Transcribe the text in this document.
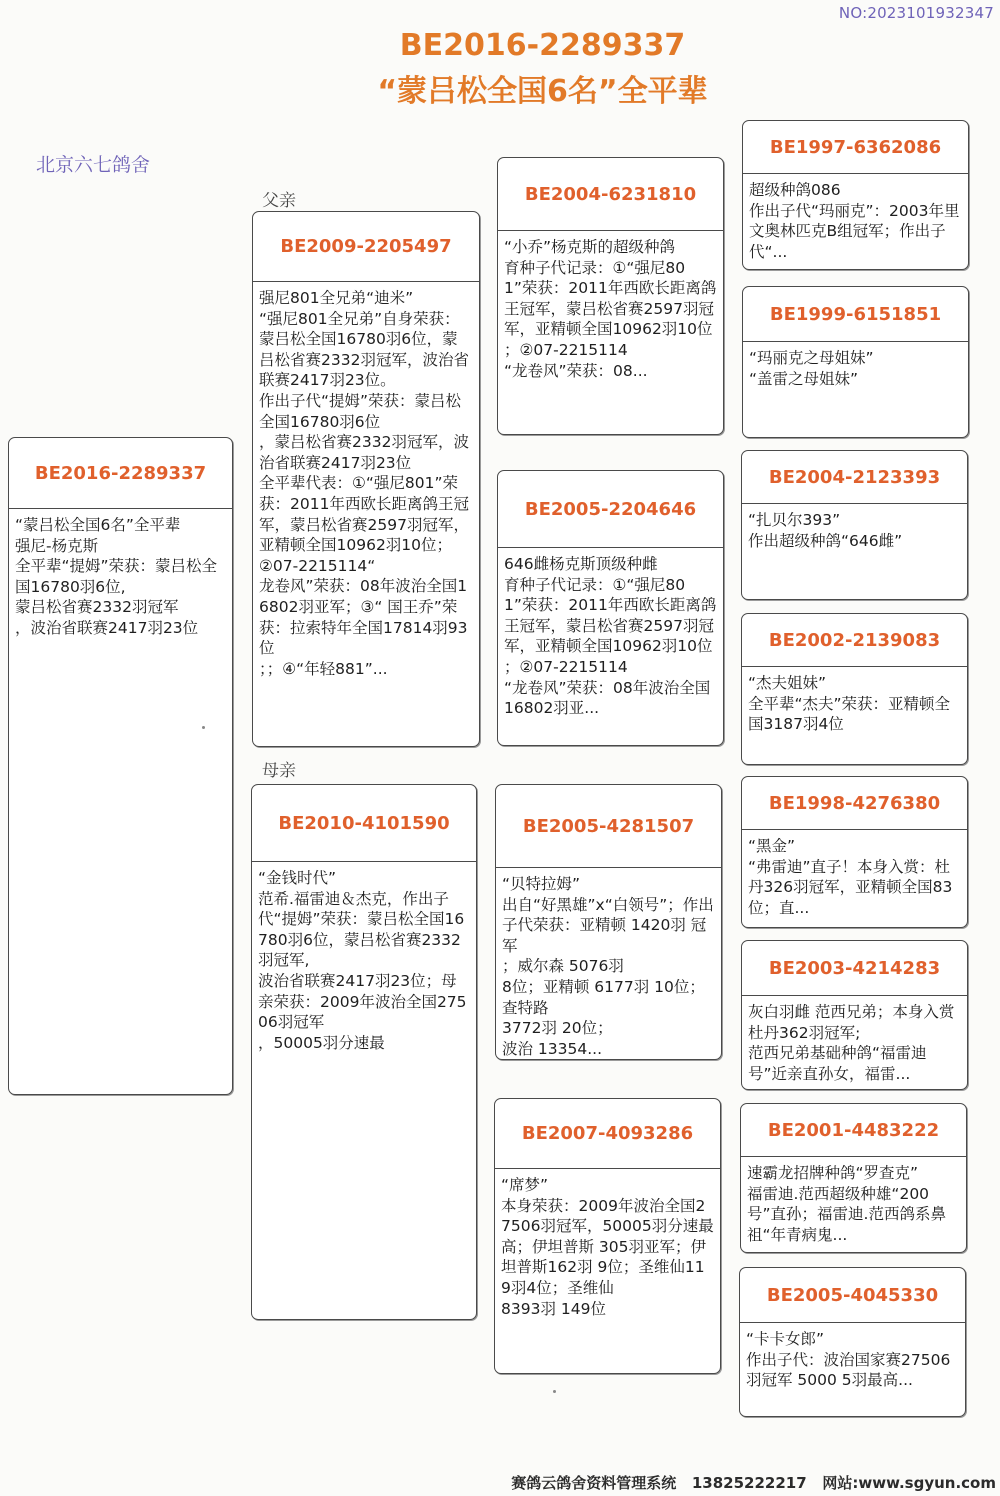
NO:2023101932347
BE2016-2289337
“蒙吕松全国6名”全平辈
北京六七鸽舍
父亲
母亲
BE2016-2289337
“蒙吕松全国6名”全平辈
强尼-杨克斯
全平辈“提姆”荣获：蒙吕松全国16780羽6位,
蒙吕松省赛2332羽冠军
，波治省联赛2417羽23位
BE2009-2205497
强尼801全兄弟“迪米”
“强尼801全兄弟”自身荣获：蒙吕松全国16780羽6位，蒙吕松省赛2332羽冠军，波治省联赛2417羽23位。
作出子代“提姆”荣获：蒙吕松全国16780羽6位
，蒙吕松省赛2332羽冠军，波治省联赛2417羽23位
全平辈代表：①“强尼801”荣获：2011年西欧长距离鸽王冠军，蒙吕松省赛2597羽冠军，亚精顿全国10962羽10位；
②07-2215114“
龙卷风”荣获：08年波治全国16802羽亚军；③“ 国王乔”荣获：拉索特年全国17814羽93位
；；④“年轻881”...
BE2010-4101590
“金钱时代”
范希.福雷迪＆杰克，作出子代“提姆”荣获：蒙吕松全国16780羽6位，蒙吕松省赛2332羽冠军,
波治省联赛2417羽23位；母亲荣获：2009年波治全国27506羽冠军
，50005羽分速最
BE2004-6231810
“小乔”杨克斯的超级种鸽
育种子代记录：①“强尼801”荣获：2011年西欧长距离鸽王冠军，蒙吕松省赛2597羽冠军，亚精顿全国10962羽10位
；②07-2215114
“龙卷风”荣获：08...
BE2005-2204646
646雌杨克斯顶级种雌
育种子代记录：①“强尼801”荣获：2011年西欧长距离鸽王冠军，蒙吕松省赛2597羽冠军，亚精顿全国10962羽10位
；②07-2215114
“龙卷风”荣获：08年波治全国16802羽亚...
BE2005-4281507
“贝特拉姆”
出自“好黑雄”x“白领号”；作出子代荣获：亚精顿 1420羽 冠军
；威尔森 5076羽
8位；亚精顿 6177羽 10位；查特路
3772羽 20位；
波治 13354...
BE2007-4093286
“席梦”
本身荣获：2009年波治全国27506羽冠军，50005羽分速最高；伊坦普斯 305羽亚军；伊坦普斯162羽 9位；圣维仙119羽4位；圣维仙
8393羽 149位
BE1997-6362086
超级种鸽086
作出子代“玛丽克”：2003年里文奥林匹克B组冠军；作出子代“...
BE1999-6151851
“玛丽克之母姐妹”
“盖雷之母姐妹”
BE2004-2123393
“扎贝尔393”
作出超级种鸽“646雌”
BE2002-2139083
“杰夫姐妹”
全平辈“杰夫”荣获：亚精顿全国3187羽4位
BE1998-4276380
“黑金”
“弗雷迪”直子！本身入赏：杜丹326羽冠军，亚精顿全国83位；直...
BE2003-4214283
灰白羽雌 范西兄弟；本身入赏杜丹362羽冠军;
范西兄弟基础种鸽“福雷迪号”近亲直孙女，福雷...
BE2001-4483222
速霸龙招牌种鸽“罗查克”
福雷迪.范西超级种雄“200号”直孙；福雷迪.范西鸽系鼻祖“年青病鬼...
BE2005-4045330
“卡卡女郎”
作出子代：波治国家赛27506羽冠军 5000 5羽最高...
赛鸽云鸽舍资料管理系统 13825222217 网站:www.sgyun.com
